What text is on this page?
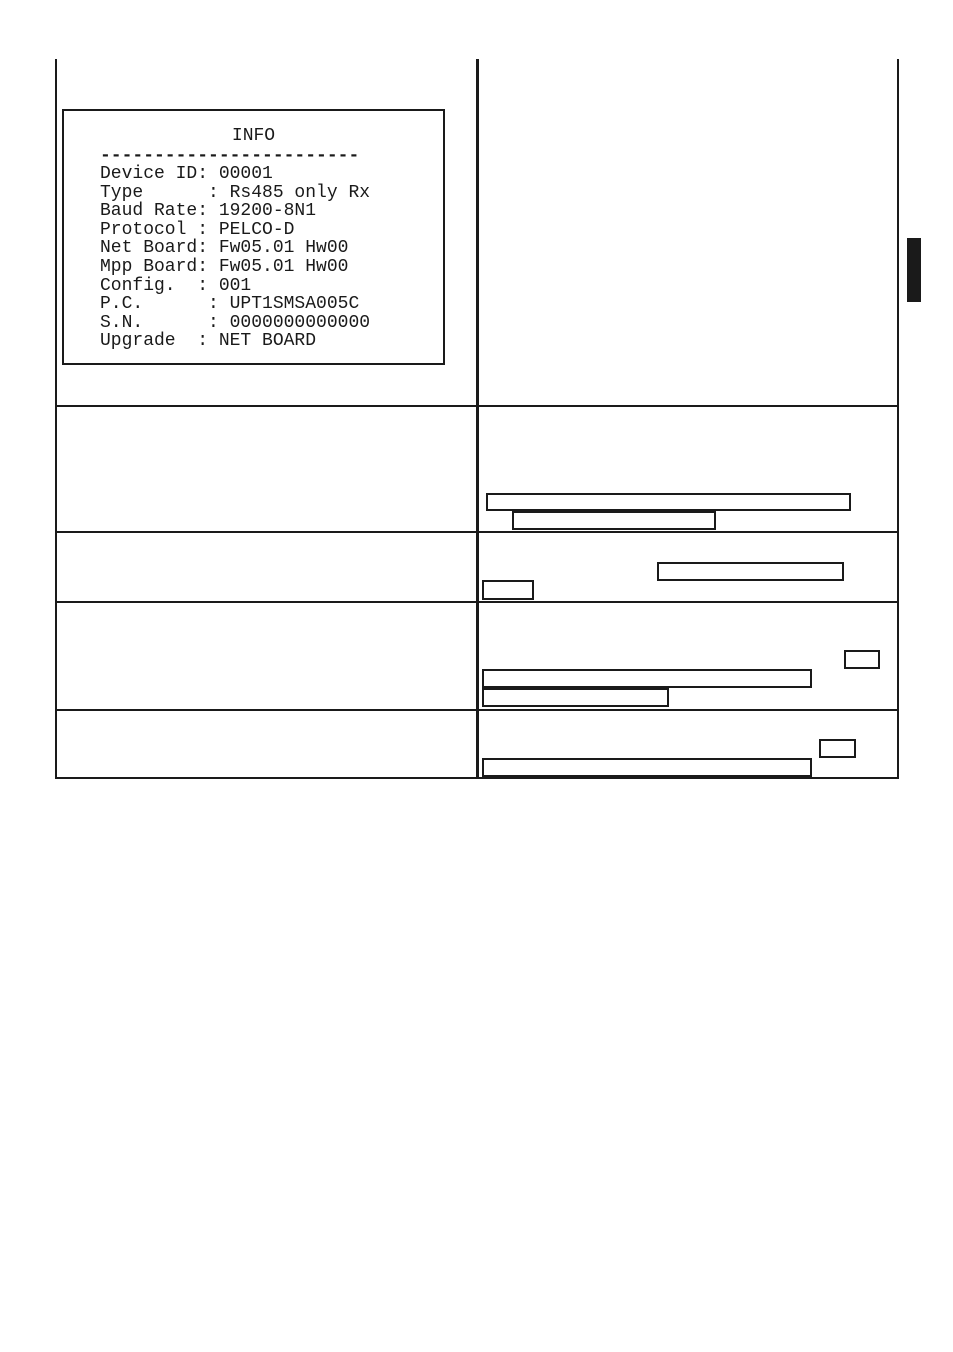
INFO
------------------------
Device ID: 00001
Type      : Rs485 only Rx
Baud Rate: 19200-8N1
Protocol : PELCO-D
Net Board: Fw05.01 Hw00
Mpp Board: Fw05.01 Hw00
Config.  : 001
P.C.      : UPT1SMSA005C
S.N.      : 0000000000000
Upgrade  : NET BOARD
